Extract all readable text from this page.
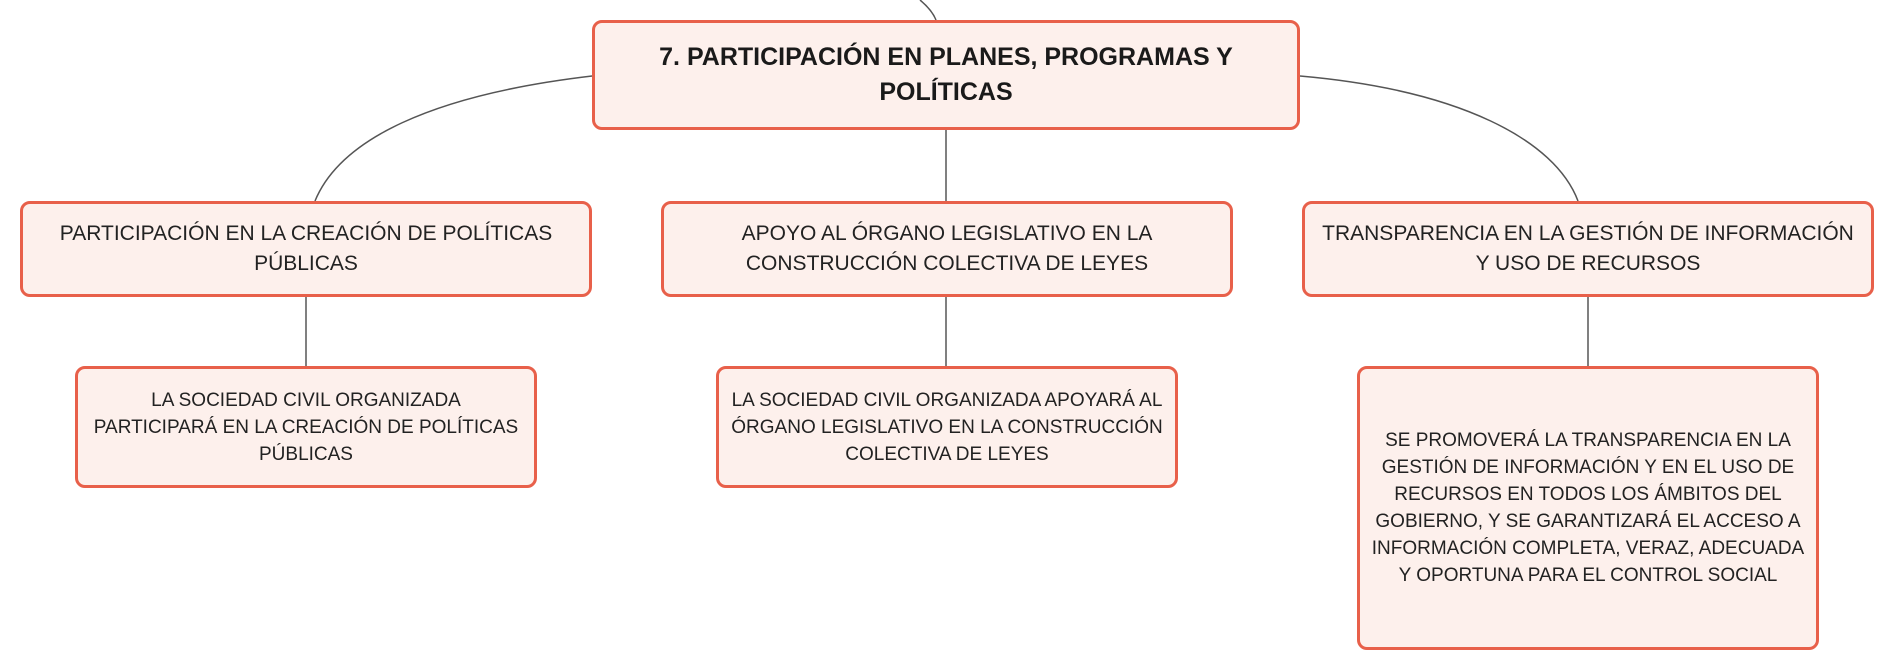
7. PARTICIPACIÓN EN PLANES, PROGRAMAS Y POLÍTICAS
PARTICIPACIÓN EN LA CREACIÓN DE POLÍTICAS PÚBLICAS
APOYO AL ÓRGANO LEGISLATIVO EN LA CONSTRUCCIÓN COLECTIVA DE LEYES
TRANSPARENCIA EN LA GESTIÓN DE INFORMACIÓN Y USO DE RECURSOS
LA SOCIEDAD CIVIL ORGANIZADA PARTICIPARÁ EN LA CREACIÓN DE POLÍTICAS PÚBLICAS
LA SOCIEDAD CIVIL ORGANIZADA APOYARÁ AL ÓRGANO LEGISLATIVO EN LA CONSTRUCCIÓN COLECTIVA DE LEYES
SE PROMOVERÁ LA TRANSPARENCIA EN LA GESTIÓN DE INFORMACIÓN Y EN EL USO DE RECURSOS EN TODOS LOS ÁMBITOS DEL GOBIERNO, Y SE GARANTIZARÁ EL ACCESO A INFORMACIÓN COMPLETA, VERAZ, ADECUADA Y OPORTUNA PARA EL CONTROL SOCIAL
